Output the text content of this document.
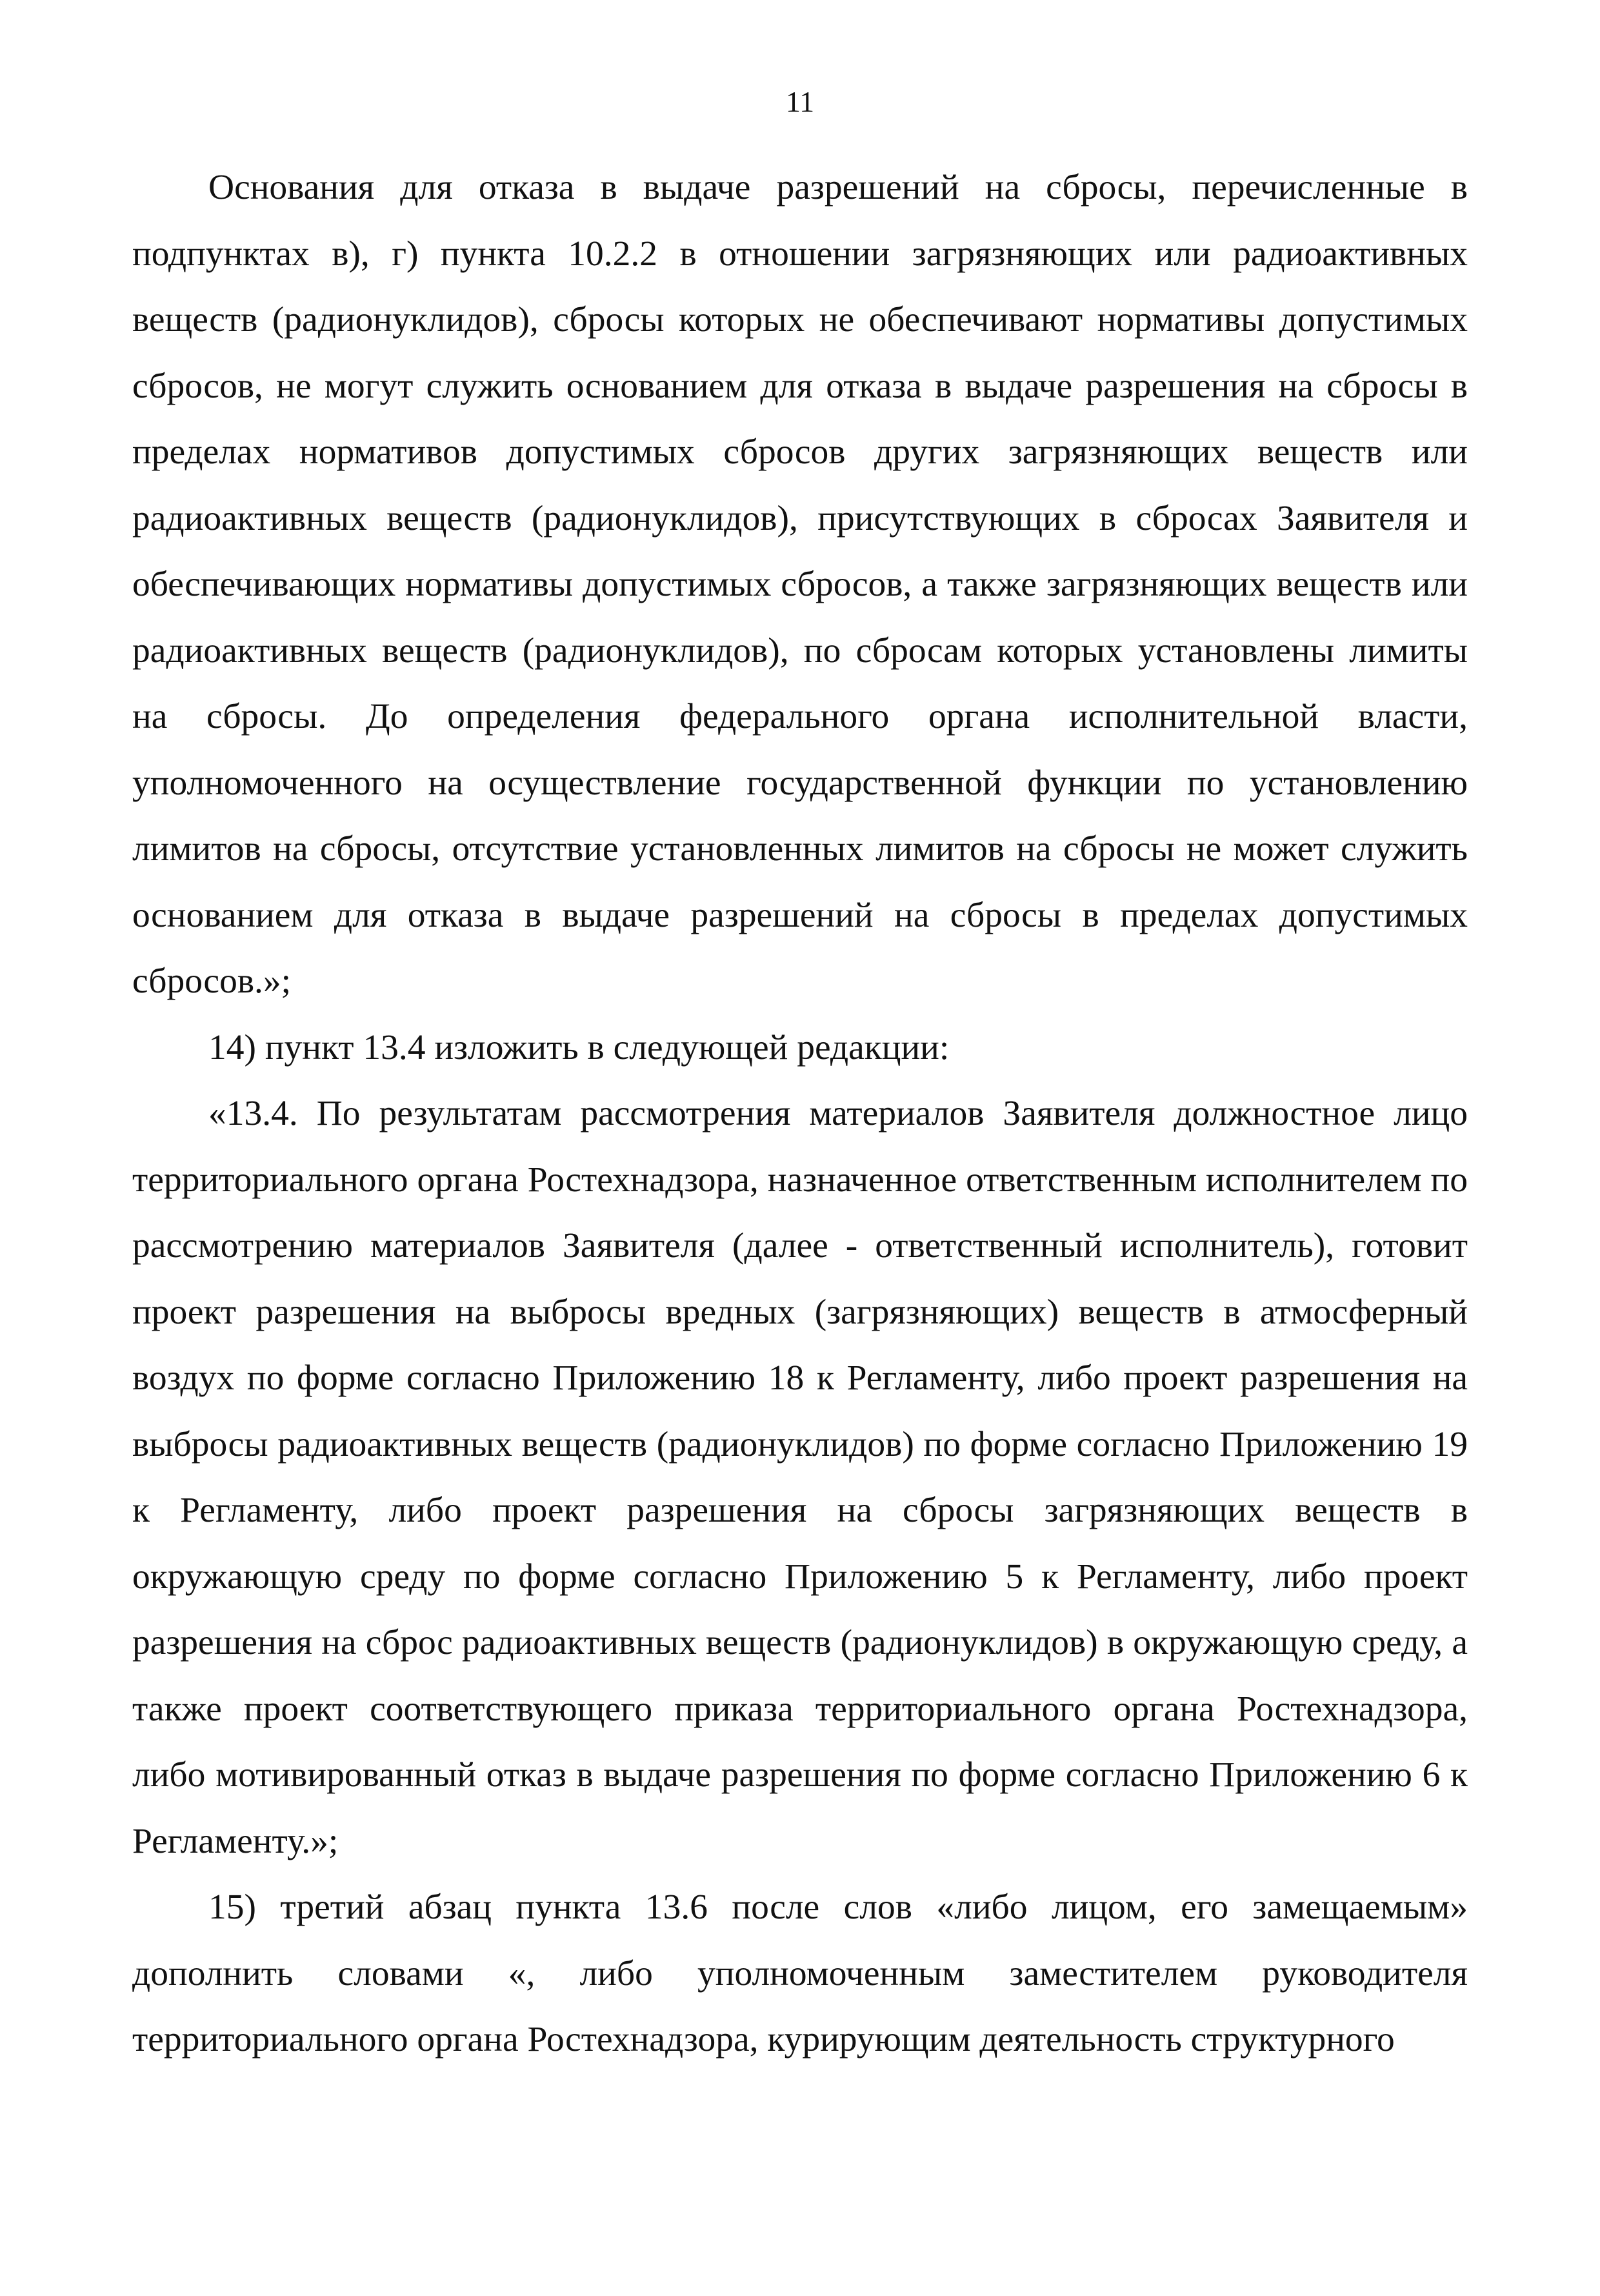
11

Основания для отказа в выдаче разрешений на сбросы, перечисленные в подпунктах в), г) пункта 10.2.2 в отношении загрязняющих или радиоактивных веществ (радионуклидов), сбросы которых не обеспечивают нормативы допустимых сбросов, не могут служить основанием для отказа в выдаче разрешения на сбросы в пределах нормативов допустимых сбросов других загрязняющих веществ или радиоактивных веществ (радионуклидов), присутствующих в сбросах Заявителя и обеспечивающих нормативы допустимых сбросов, а также загрязняющих веществ или радиоактивных веществ (радионуклидов), по сбросам которых установлены лимиты на сбросы. До определения федерального органа исполнительной власти, уполномоченного на осуществление государственной функции по установлению лимитов на сбросы, отсутствие установленных лимитов на сбросы не может служить основанием для отказа в выдаче разрешений на сбросы в пределах допустимых сбросов.»;

14) пункт 13.4 изложить в следующей редакции:

«13.4. По результатам рассмотрения материалов Заявителя должностное лицо территориального органа Ростехнадзора, назначенное ответственным исполнителем по рассмотрению материалов Заявителя (далее - ответственный исполнитель), готовит проект разрешения на выбросы вредных (загрязняющих) веществ в атмосферный воздух по форме согласно Приложению 18 к Регламенту, либо проект разрешения на выбросы радиоактивных веществ (радионуклидов) по форме согласно Приложению 19 к Регламенту, либо проект разрешения на сбросы загрязняющих веществ в окружающую среду по форме согласно Приложению 5 к Регламенту, либо проект разрешения на сброс радиоактивных веществ (радионуклидов) в окружающую среду, а также проект соответствующего приказа территориального органа Ростехнадзора, либо мотивированный отказ в выдаче разрешения по форме согласно Приложению 6 к Регламенту.»;

15) третий абзац пункта 13.6 после слов «либо лицом, его замещаемым» дополнить словами «, либо уполномоченным заместителем руководителя территориального органа Ростехнадзора, курирующим деятельность структурного
